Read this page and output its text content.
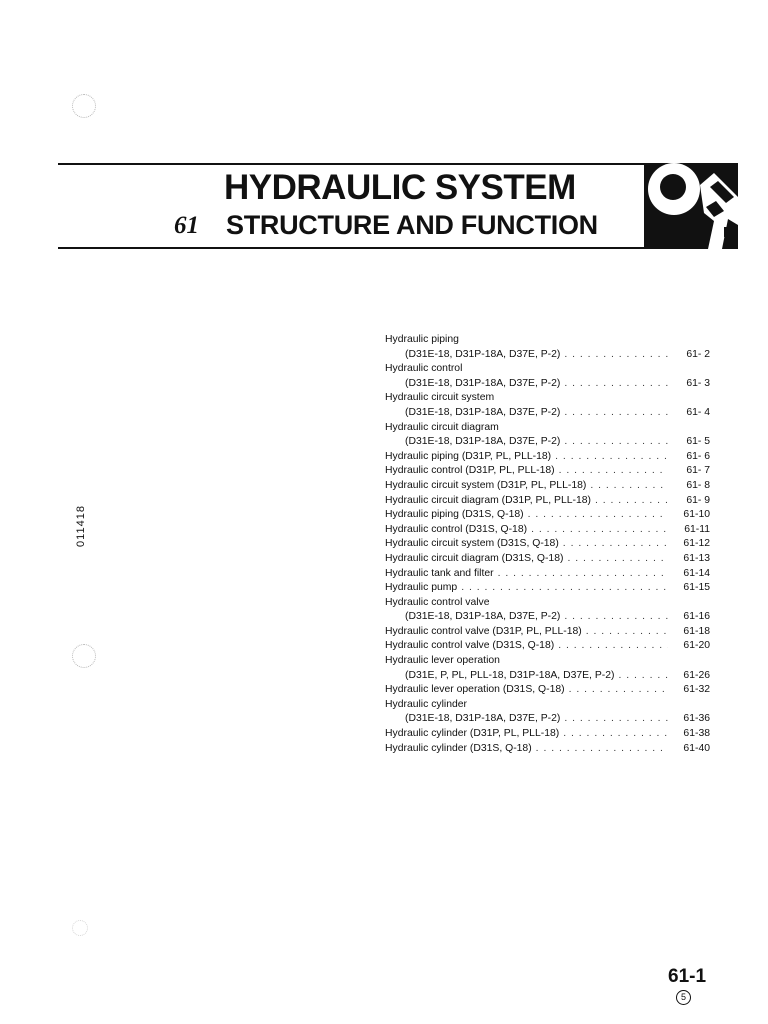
HYDRAULIC SYSTEM
61 STRUCTURE AND FUNCTION
011418
Hydraulic piping
(D31E-18, D31P-18A, D37E, P-2) . . .	61- 2
Hydraulic control
(D31E-18, D31P-18A, D37E, P-2) . . .	61- 3
Hydraulic circuit system
(D31E-18, D31P-18A, D37E, P-2) . . .	61- 4
Hydraulic circuit diagram
(D31E-18, D31P-18A, D37E, P-2) . . .	61- 5
Hydraulic piping (D31P, PL, PLL-18) . . .	61- 6
Hydraulic control (D31P, PL, PLL-18) . . .	61- 7
Hydraulic circuit system (D31P, PL, PLL-18) . . .	61- 8
Hydraulic circuit diagram (D31P, PL, PLL-18) . . .	61- 9
Hydraulic piping (D31S, Q-18) . . .	61-10
Hydraulic control (D31S, Q-18) . . .	61-11
Hydraulic circuit system (D31S, Q-18) . . .	61-12
Hydraulic circuit diagram (D31S, Q-18) . . .	61-13
Hydraulic tank and filter . . .	61-14
Hydraulic pump . . .	61-15
Hydraulic control valve
(D31E-18, D31P-18A, D37E, P-2) . . .	61-16
Hydraulic control valve (D31P, PL, PLL-18) . . .	61-18
Hydraulic control valve (D31S, Q-18) . . .	61-20
Hydraulic lever operation
(D31E, P, PL, PLL-18, D31P-18A, D37E, P-2) . . .	61-26
Hydraulic lever operation (D31S, Q-18) . . .	61-32
Hydraulic cylinder
(D31E-18, D31P-18A, D37E, P-2) . . .	61-36
Hydraulic cylinder (D31P, PL, PLL-18) . . .	61-38
Hydraulic cylinder (D31S, Q-18) . . .	61-40
61-1
5
